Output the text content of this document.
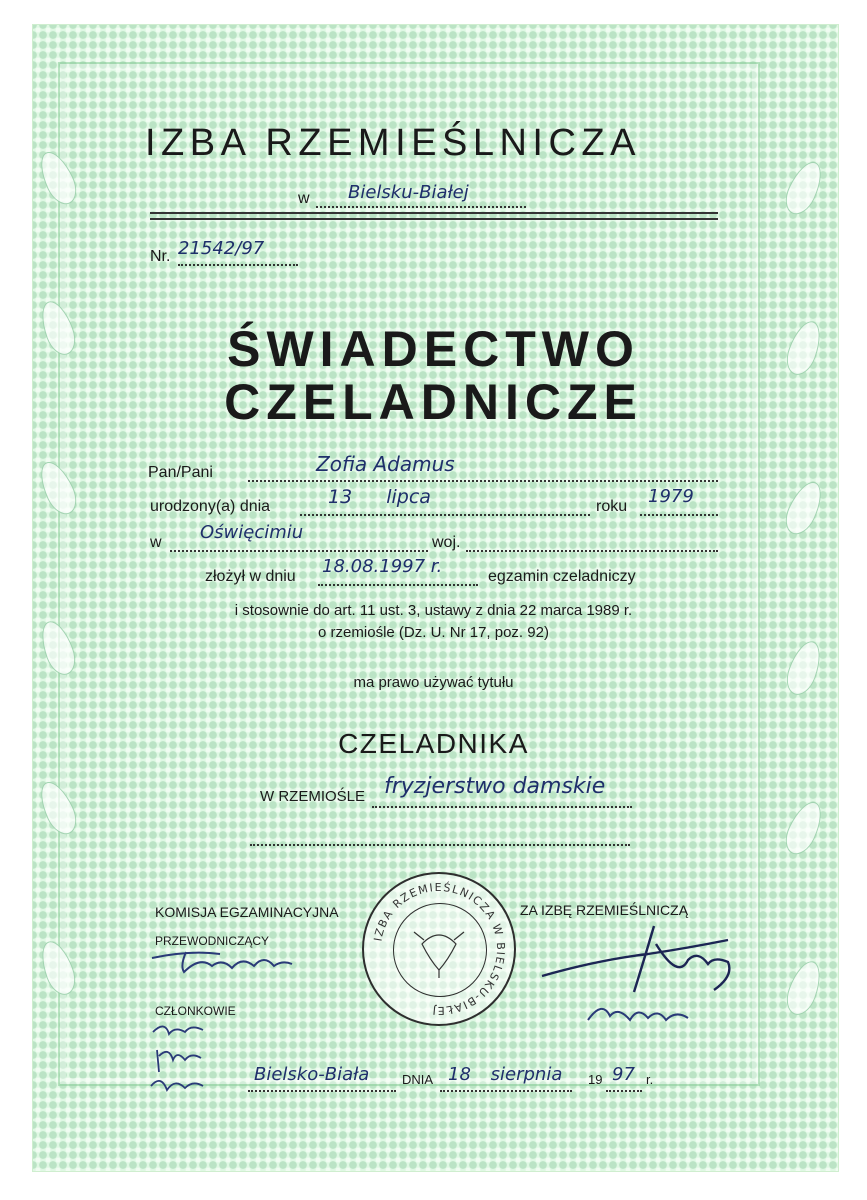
IZBA RZEMIEŚLNICZA
w Bielsku-Białej
Nr. 21542/97
ŚWIADECTWO
CZELADNICZE
Pan/Pani	Zofia Adamus
urodzony(a) dnia	13 lipca	roku 1979
w Oświęcimiu	woj.
złożył w dniu 18.08.1997 r.	egzamin czeladniczy
i stosownie do art. 11 ust. 3, ustawy z dnia 22 marca 1989 r.
o rzemiośle (Dz. U. Nr 17, poz. 92)
ma prawo używać tytułu
CZELADNIKA
W RZEMIOŚLE fryzjerstwo damskie
KOMISJA EGZAMINACYJNA	ZA IZBĘ RZEMIEŚLNICZĄ
PRZEWODNICZĄCY
CZŁONKOWIE
IZBA RZEMIEŚLNICZA W BIELSKU-BIAŁEJ
Bielsko-Biała	DNIA 18 sierpnia 19 97 r.
